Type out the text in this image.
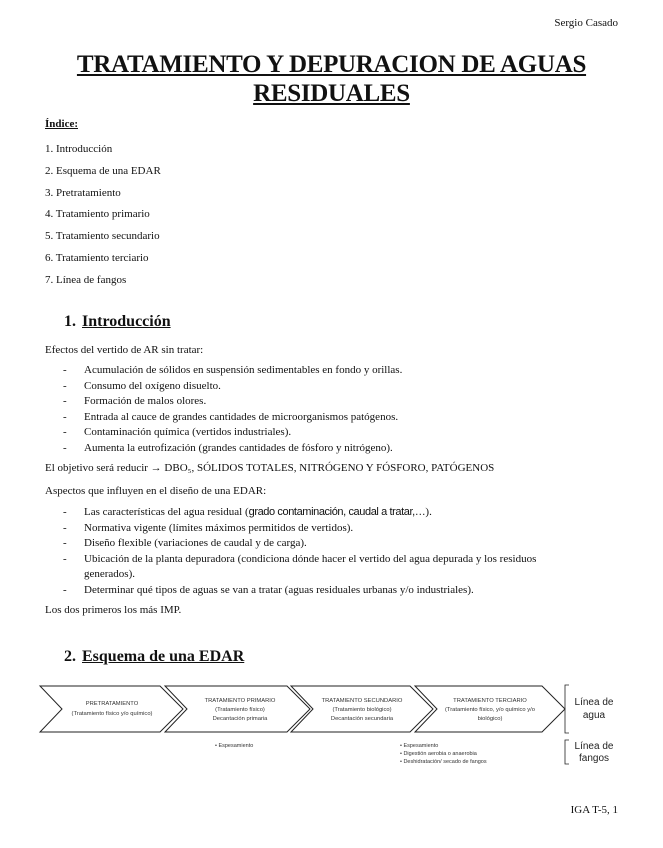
Sergio Casado
TRATAMIENTO Y DEPURACION DE AGUAS
RESIDUALES
Índice:
1. Introducción
2. Esquema de una EDAR
3. Pretratamiento
4. Tratamiento primario
5. Tratamiento secundario
6. Tratamiento terciario
7. Línea de fangos
1. Introducción
Efectos del vertido de AR sin tratar:
- Acumulación de sólidos en suspensión sedimentables en fondo y orillas.
- Consumo del oxígeno disuelto.
- Formación de malos olores.
- Entrada al cauce de grandes cantidades de microorganismos patógenos.
- Contaminación química (vertidos industriales).
- Aumenta la eutrofización (grandes cantidades de fósforo y nitrógeno).
El objetivo será reducir → DBO₅, SÓLIDOS TOTALES, NITRÓGENO Y FÓSFORO, PATÓGENOS
Aspectos que influyen en el diseño de una EDAR:
- Las características del agua residual (grado contaminación, caudal a tratar,…).
- Normativa vigente (límites máximos permitidos de vertidos).
- Diseño flexible (variaciones de caudal y de carga).
- Ubicación de la planta depuradora (condiciona dónde hacer el vertido del agua depurada y los residuos generados).
- Determinar qué tipos de aguas se van a tratar (aguas residuales urbanas y/o industriales).
Los dos primeros los más IMP.
2. Esquema de una EDAR
PRETRATAMIENTO
(Tratamiento físico y/o químico)
TRATAMIENTO PRIMARIO
(Tratamiento físico)
Decantación primaria
TRATAMIENTO SECUNDARIO
(Tratamiento biológico)
Decantación secundaria
TRATAMIENTO TERCIARIO
(Tratamiento físico, y/o químico y/o
biológico)
Línea de
agua
• Espesamiento	• Espesamiento
• Digestión aerobia o anaerobia
• Deshidratación/ secado de fangos
Línea de
fangos
IGA T-5, 1
